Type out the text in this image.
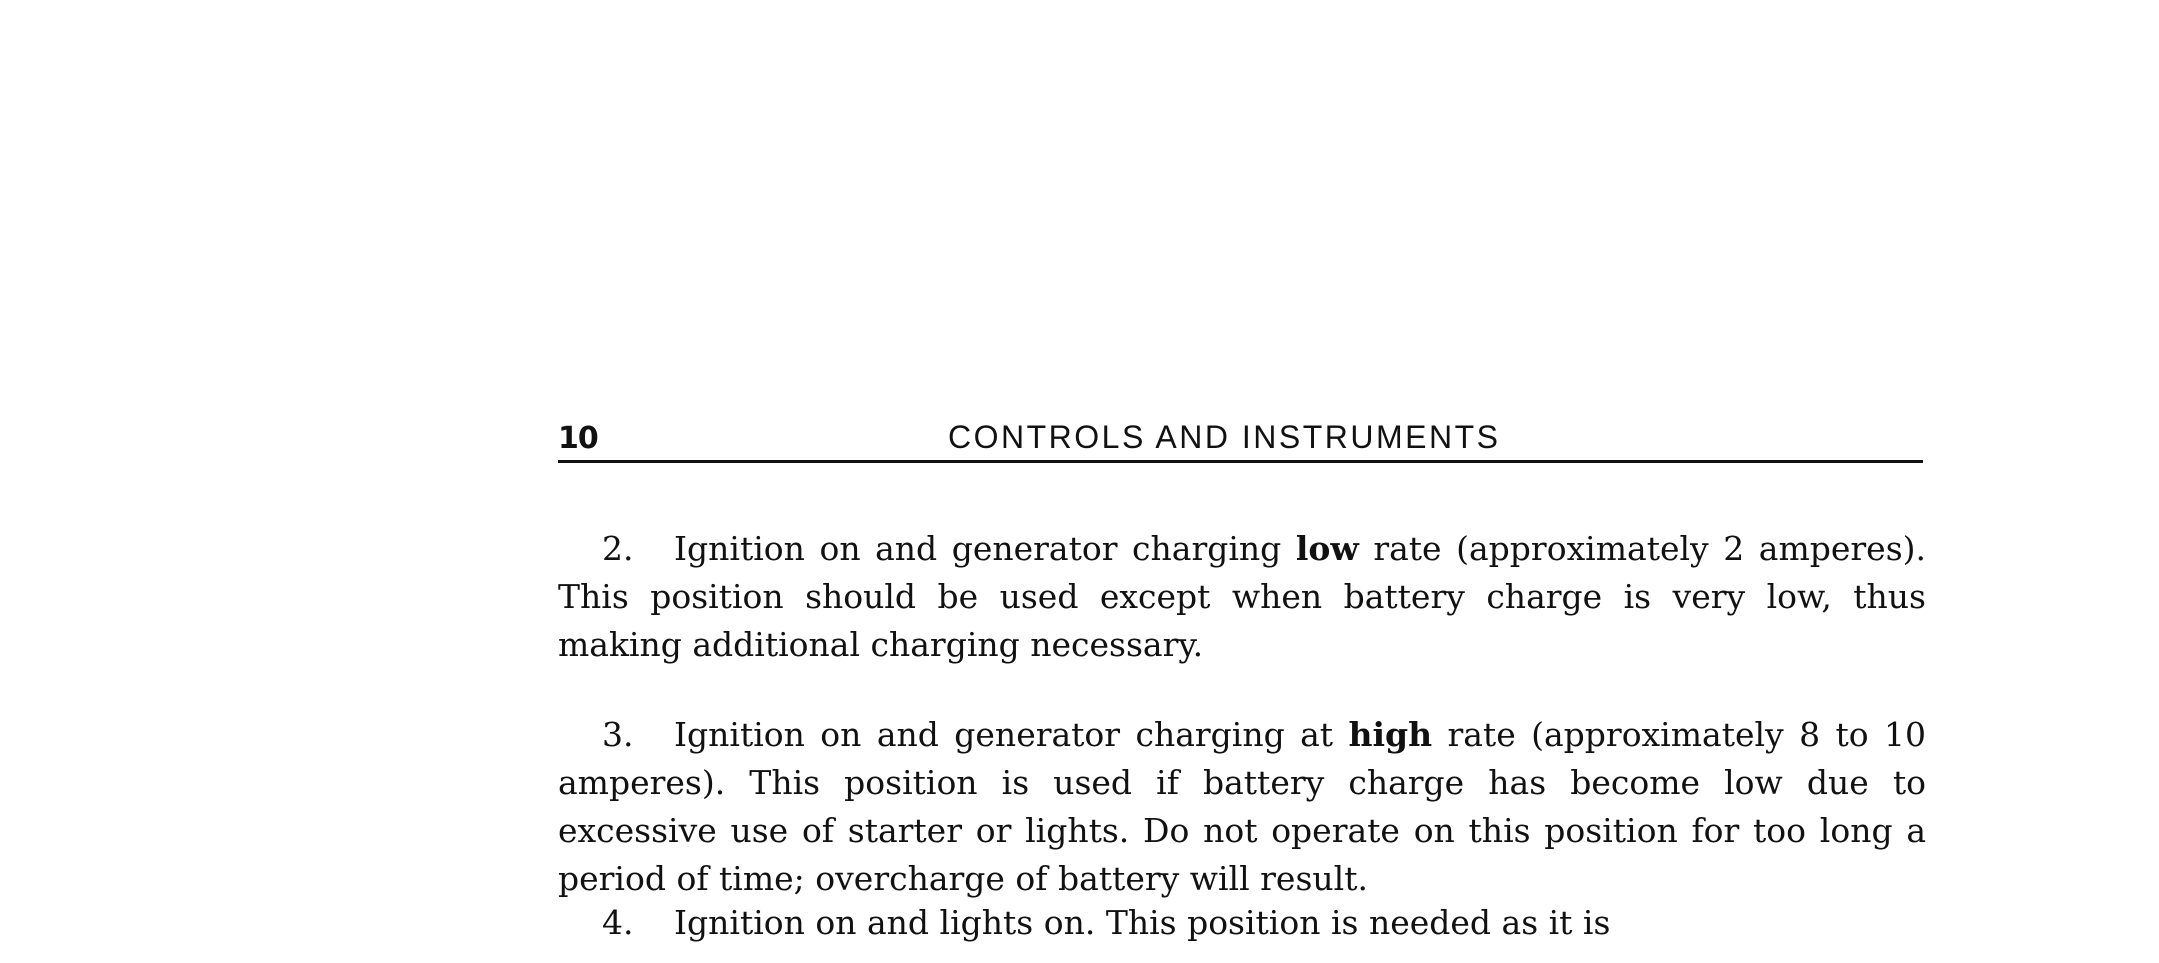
10	CONTROLS AND INSTRUMENTS

2. Ignition on and generator charging low rate (approximately 2 amperes). This position should be used except when battery charge is very low, thus making additional charging necessary.

3. Ignition on and generator charging at high rate (approximately 8 to 10 amperes). This position is used if battery charge has become low due to excessive use of starter or lights. Do not operate on this position for too long a period of time; overcharge of battery will result.

4. Ignition on and lights on. This position is needed as it is
